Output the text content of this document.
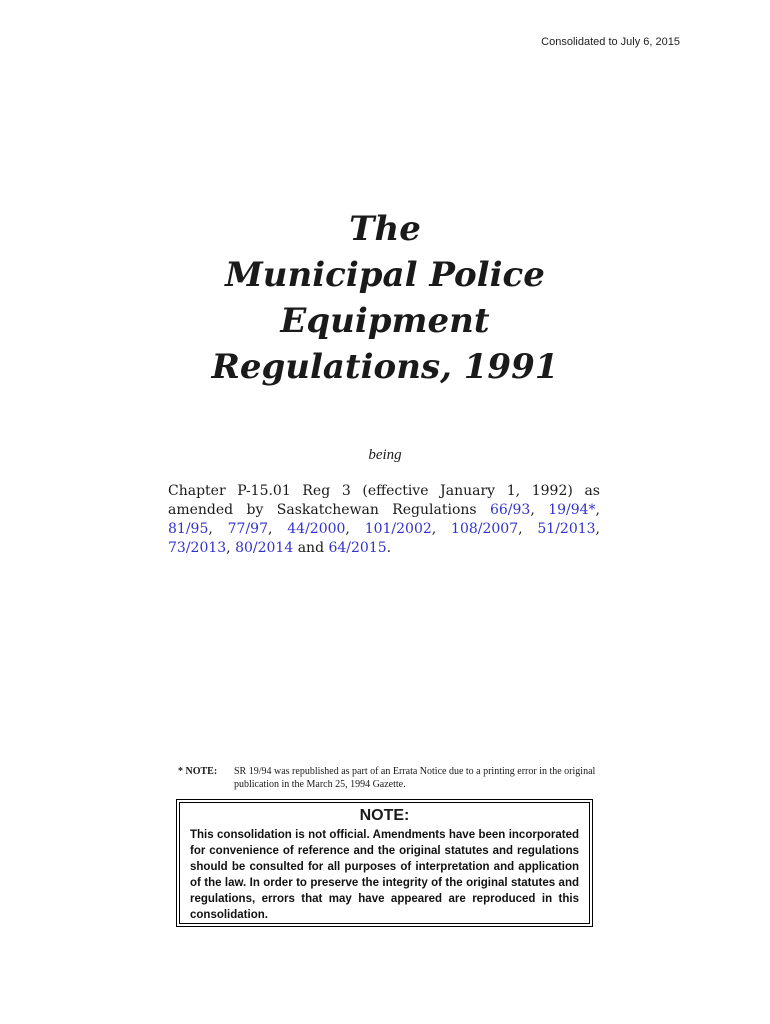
Consolidated to July 6, 2015
The
Municipal Police
Equipment
Regulations, 1991
being
Chapter P-15.01 Reg 3 (effective January 1, 1992) as amended by Saskatchewan Regulations 66/93, 19/94*, 81/95, 77/97, 44/2000, 101/2002, 108/2007, 51/2013, 73/2013, 80/2014 and 64/2015.
* NOTE:	SR 19/94 was republished as part of an Errata Notice due to a printing error in the original publication in the March 25, 1994 Gazette.
NOTE:
This consolidation is not official. Amendments have been incorporated for convenience of reference and the original statutes and regulations should be consulted for all purposes of interpretation and application of the law. In order to preserve the integrity of the original statutes and regulations, errors that may have appeared are reproduced in this consolidation.
